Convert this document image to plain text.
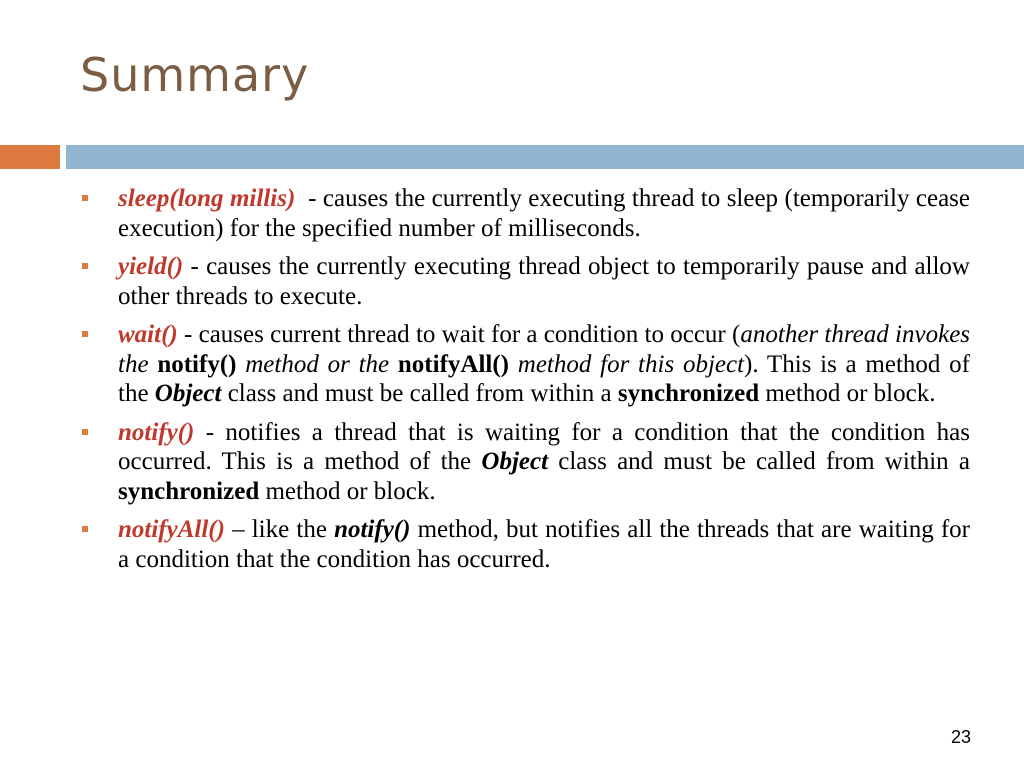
Summary
sleep(long millis)  - causes the currently executing thread to sleep (temporarily cease execution) for the specified number of milliseconds.
yield() - causes the currently executing thread object to temporarily pause and allow other threads to execute.
wait() - causes current thread to wait for a condition to occur (another thread invokes the notify() method or the notifyAll() method for this object). This is a method of the Object class and must be called from within a synchronized method or block.
notify() - notifies a thread that is waiting for a condition that the condition has occurred. This is a method of the Object class and must be called from within a synchronized method or block.
notifyAll() – like the notify() method, but notifies all the threads that are waiting for a condition that the condition has occurred.
23
